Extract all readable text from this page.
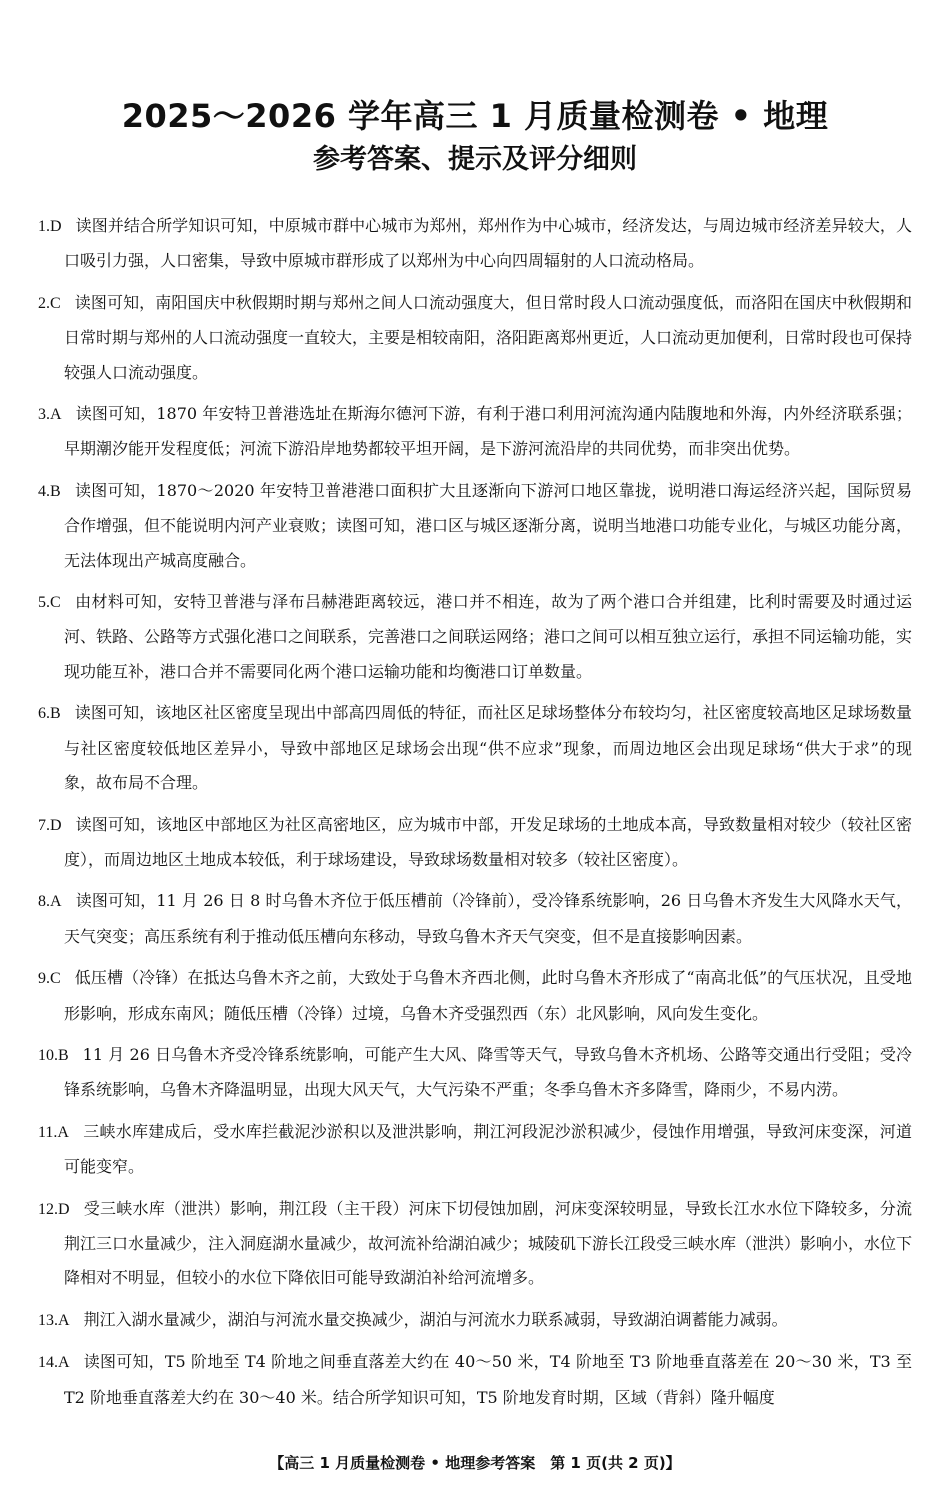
2025～2026 学年高三 1 月质量检测卷 • 地理
参考答案、提示及评分细则
1.D 读图并结合所学知识可知，中原城市群中心城市为郑州，郑州作为中心城市，经济发达，与周边城市经济差异较大，人口吸引力强，人口密集，导致中原城市群形成了以郑州为中心向四周辐射的人口流动格局。
2.C 读图可知，南阳国庆中秋假期时期与郑州之间人口流动强度大，但日常时段人口流动强度低，而洛阳在国庆中秋假期和日常时期与郑州的人口流动强度一直较大，主要是相较南阳，洛阳距离郑州更近，人口流动更加便利，日常时段也可保持较强人口流动强度。
3.A 读图可知，1870 年安特卫普港选址在斯海尔德河下游，有利于港口利用河流沟通内陆腹地和外海，内外经济联系强；早期潮汐能开发程度低；河流下游沿岸地势都较平坦开阔，是下游河流沿岸的共同优势，而非突出优势。
4.B 读图可知，1870～2020 年安特卫普港港口面积扩大且逐渐向下游河口地区靠拢，说明港口海运经济兴起，国际贸易合作增强，但不能说明内河产业衰败；读图可知，港口区与城区逐渐分离，说明当地港口功能专业化，与城区功能分离，无法体现出产城高度融合。
5.C 由材料可知，安特卫普港与泽布吕赫港距离较远，港口并不相连，故为了两个港口合并组建，比利时需要及时通过运河、铁路、公路等方式强化港口之间联系，完善港口之间联运网络；港口之间可以相互独立运行，承担不同运输功能，实现功能互补，港口合并不需要同化两个港口运输功能和均衡港口订单数量。
6.B 读图可知，该地区社区密度呈现出中部高四周低的特征，而社区足球场整体分布较均匀，社区密度较高地区足球场数量与社区密度较低地区差异小，导致中部地区足球场会出现“供不应求”现象，而周边地区会出现足球场“供大于求”的现象，故布局不合理。
7.D 读图可知，该地区中部地区为社区高密地区，应为城市中部，开发足球场的土地成本高，导致数量相对较少（较社区密度），而周边地区土地成本较低，利于球场建设，导致球场数量相对较多（较社区密度）。
8.A 读图可知，11 月 26 日 8 时乌鲁木齐位于低压槽前（冷锋前），受冷锋系统影响，26 日乌鲁木齐发生大风降水天气，天气突变；高压系统有利于推动低压槽向东移动，导致乌鲁木齐天气突变，但不是直接影响因素。
9.C 低压槽（冷锋）在抵达乌鲁木齐之前，大致处于乌鲁木齐西北侧，此时乌鲁木齐形成了“南高北低”的气压状况，且受地形影响，形成东南风；随低压槽（冷锋）过境，乌鲁木齐受强烈西（东）北风影响，风向发生变化。
10.B 11 月 26 日乌鲁木齐受冷锋系统影响，可能产生大风、降雪等天气，导致乌鲁木齐机场、公路等交通出行受阻；受冷锋系统影响，乌鲁木齐降温明显，出现大风天气，大气污染不严重；冬季乌鲁木齐多降雪，降雨少，不易内涝。
11.A 三峡水库建成后，受水库拦截泥沙淤积以及泄洪影响，荆江河段泥沙淤积减少，侵蚀作用增强，导致河床变深，河道可能变窄。
12.D 受三峡水库（泄洪）影响，荆江段（主干段）河床下切侵蚀加剧，河床变深较明显，导致长江水水位下降较多，分流荆江三口水量减少，注入洞庭湖水量减少，故河流补给湖泊减少；城陵矶下游长江段受三峡水库（泄洪）影响小，水位下降相对不明显，但较小的水位下降依旧可能导致湖泊补给河流增多。
13.A 荆江入湖水量减少，湖泊与河流水量交换减少，湖泊与河流水力联系减弱，导致湖泊调蓄能力减弱。
14.A 读图可知，T5 阶地至 T4 阶地之间垂直落差大约在 40～50 米，T4 阶地至 T3 阶地垂直落差在 20～30 米，T3 至 T2 阶地垂直落差大约在 30～40 米。结合所学知识可知，T5 阶地发育时期，区域（背斜）隆升幅度
【高三 1 月质量检测卷 • 地理参考答案　第 1 页(共 2 页)】
